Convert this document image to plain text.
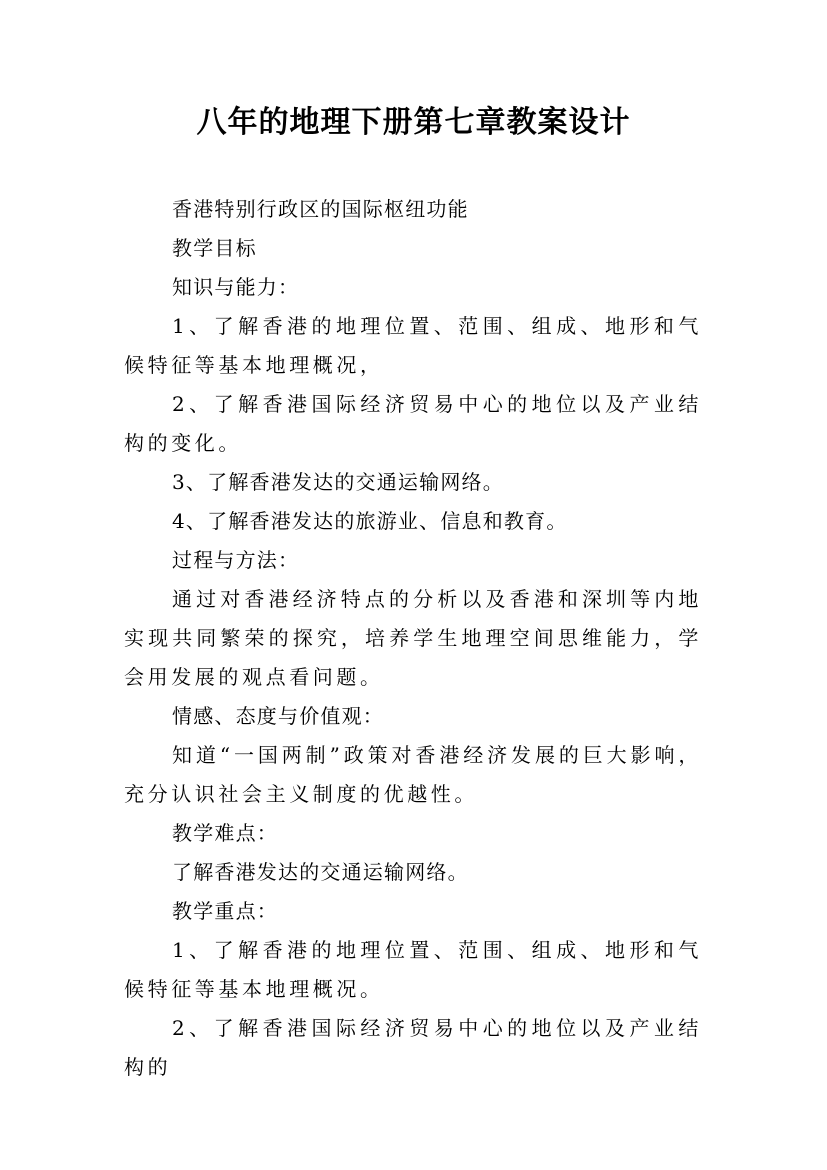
八年的地理下册第七章教案设计

香港特别行政区的国际枢纽功能

教学目标

知识与能力：

1、了解香港的地理位置、范围、组成、地形和气候特征等基本地理概况，

2、了解香港国际经济贸易中心的地位以及产业结构的变化。

3、了解香港发达的交通运输网络。

4、了解香港发达的旅游业、信息和教育。

过程与方法：

通过对香港经济特点的分析以及香港和深圳等内地实现共同繁荣的探究，培养学生地理空间思维能力，学会用发展的观点看问题。

情感、态度与价值观：

知道“一国两制”政策对香港经济发展的巨大影响，充分认识社会主义制度的优越性。

教学难点：

了解香港发达的交通运输网络。

教学重点：

1、了解香港的地理位置、范围、组成、地形和气候特征等基本地理概况。

2、了解香港国际经济贸易中心的地位以及产业结构的
